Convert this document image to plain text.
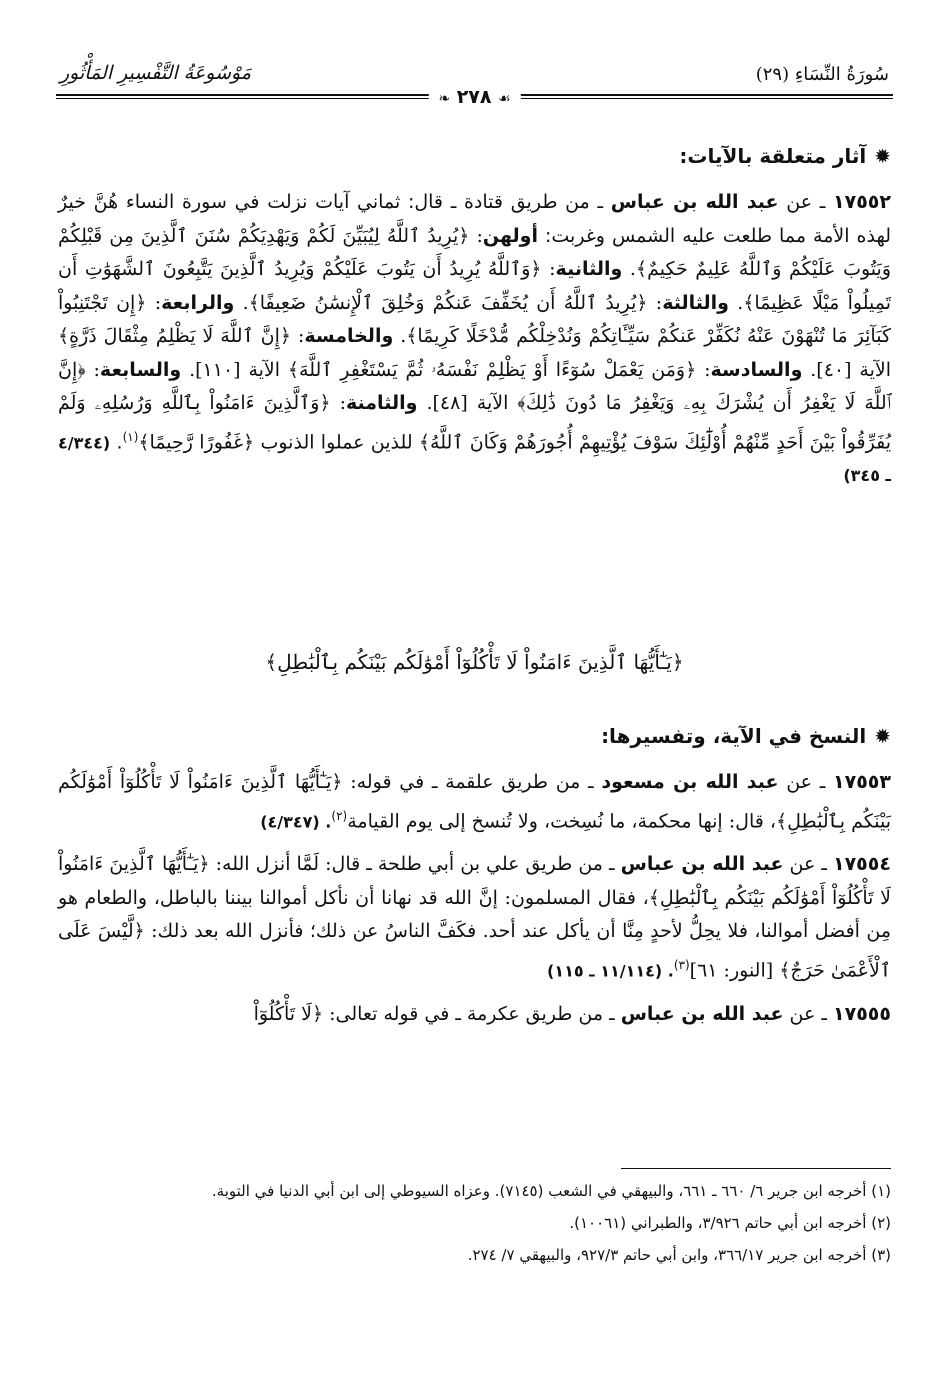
سُورَةُ النِّسَاءِ (٢٩)
مَوْسُوعَةُ التَّفْسِيرِ المَأْثُورِ
☙ ٢٧٨ ❧
✹آثار متعلقة بالآيات:

١٧٥٥٢ ـ عن عبد الله بن عباس ـ من طريق قتادة ـ قال: ثماني آيات نزلت في سورة النساء هُنَّ خيرٌ لهذه الأمة مما طلعت عليه الشمس وغربت: أولهن: ﴿يُرِيدُ ٱللَّهُ لِيُبَيِّنَ لَكُمْ وَيَهْدِيَكُمْ سُنَنَ ٱلَّذِينَ مِن قَبْلِكُمْ وَيَتُوبَ عَلَيْكُمْ وَٱللَّهُ عَلِيمٌ حَكِيمٌ﴾. والثانية: ﴿وَٱللَّهُ يُرِيدُ أَن يَتُوبَ عَلَيْكُمْ وَيُرِيدُ ٱلَّذِينَ يَتَّبِعُونَ ٱلشَّهَوَٰتِ أَن تَمِيلُواْ مَيْلًا عَظِيمًا﴾. والثالثة: ﴿يُرِيدُ ٱللَّهُ أَن يُخَفِّفَ عَنكُمْ وَخُلِقَ ٱلْإِنسَٰنُ ضَعِيفًا﴾. والرابعة: ﴿إِن تَجْتَنِبُواْ كَبَآئِرَ مَا تُنْهَوْنَ عَنْهُ نُكَفِّرْ عَنكُمْ سَيِّـَٔاتِكُمْ وَنُدْخِلْكُم مُّدْخَلًا كَرِيمًا﴾. والخامسة: ﴿إِنَّ ٱللَّهَ لَا يَظْلِمُ مِثْقَالَ ذَرَّةٍ﴾ الآية [٤٠]. والسادسة: ﴿وَمَن يَعْمَلْ سُوٓءًا أَوْ يَظْلِمْ نَفْسَهُۥ ثُمَّ يَسْتَغْفِرِ ٱللَّهَ﴾ الآية [١١٠]. والسابعة: ﴿إِنَّ ٱللَّهَ لَا يَغْفِرُ أَن يُشْرَكَ بِهِۦ وَيَغْفِرُ مَا دُونَ ذَٰلِكَ﴾ الآية [٤٨]. والثامنة: ﴿وَٱلَّذِينَ ءَامَنُواْ بِٱللَّهِ وَرُسُلِهِۦ وَلَمْ يُفَرِّقُواْ بَيْنَ أَحَدٍ مِّنْهُمْ أُوْلَٰٓئِكَ سَوْفَ يُؤْتِيهِمْ أُجُورَهُمْ وَكَانَ ٱللَّهُ﴾ للذين عملوا الذنوب ﴿غَفُورًا رَّحِيمًا﴾$^{(١)}$. (٤/٣٤٤ ـ ٣٤٥)

﴿يَـٰٓأَيُّهَا ٱلَّذِينَ ءَامَنُواْ لَا تَأْكُلُوٓاْ أَمْوَٰلَكُم بَيْنَكُم بِٱلْبَٰطِلِ﴾
✹النسخ في الآية، وتفسيرها:

١٧٥٥٣ ـ عن عبد الله بن مسعود ـ من طريق علقمة ـ في قوله: ﴿يَـٰٓأَيُّهَا ٱلَّذِينَ ءَامَنُواْ لَا تَأْكُلُوٓاْ أَمْوَٰلَكُم بَيْنَكُم بِٱلْبَٰطِلِ﴾، قال: إنها محكمة، ما نُسِخت، ولا تُنسخ إلى يوم القيامة$^{(٢)}$. (٤/٣٤٧)

١٧٥٥٤ ـ عن عبد الله بن عباس ـ من طريق علي بن أبي طلحة ـ قال: لَمَّا أنزل الله: ﴿يَـٰٓأَيُّهَا ٱلَّذِينَ ءَامَنُواْ لَا تَأْكُلُوٓاْ أَمْوَٰلَكُم بَيْنَكُم بِٱلْبَٰطِلِ﴾، فقال المسلمون: إنَّ الله قد نهانا أن نأكل أموالنا بيننا بالباطل، والطعام هو مِن أفضل أموالنا، فلا يحِلُّ لأحدٍ مِنَّا أن يأكل عند أحد. فكَفَّ الناسُ عن ذلك؛ فأنزل الله بعد ذلك: ﴿لَّيْسَ عَلَى ٱلْأَعْمَىٰ حَرَجٌ﴾ [النور: ٦١]$^{(٣)}$. (١١/١١٤ ـ ١١٥)

١٧٥٥٥ ـ عن عبد الله بن عباس ـ من طريق عكرمة ـ في قوله تعالى: ﴿لَا تَأْكُلُوٓاْ

(١) أخرجه ابن جرير ٦/ ٦٦٠ ـ ٦٦١، والبيهقي في الشعب (٧١٤٥). وعزاه السيوطي إلى ابن أبي الدنيا في التوبة.

(٢) أخرجه ابن أبي حاتم ٣/٩٢٦، والطبراني (١٠٠٦١).

(٣) أخرجه ابن جرير ٣٦٦/١٧، وابن أبي حاتم ٩٢٧/٣، والبيهقي ٧/ ٢٧٤.
